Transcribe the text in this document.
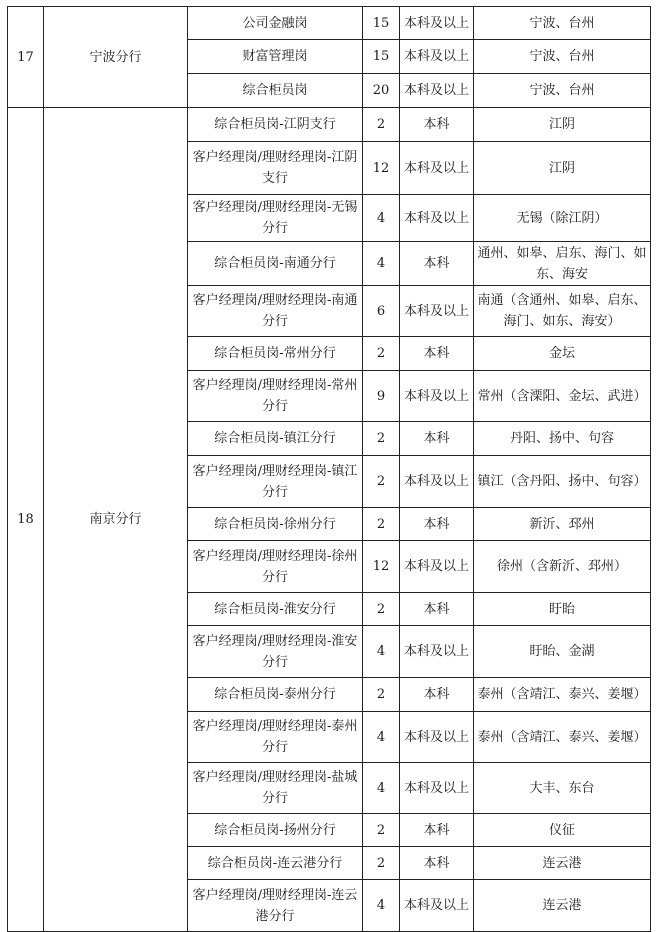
17	宁波分行	公司金融岗	15	本科及以上	宁波、台州
		财富管理岗	15	本科及以上	宁波、台州
		综合柜员岗	20	本科及以上	宁波、台州
18	南京分行	综合柜员岗-江阴支行	2	本科	江阴
		客户经理岗/理财经理岗-江阴支行	12	本科及以上	江阴
		客户经理岗/理财经理岗-无锡分行	4	本科及以上	无锡（除江阴）
		综合柜员岗-南通分行	4	本科	通州、如皋、启东、海门、如东、海安
		客户经理岗/理财经理岗-南通分行	6	本科及以上	南通（含通州、如皋、启东、海门、如东、海安）
		综合柜员岗-常州分行	2	本科	金坛
		客户经理岗/理财经理岗-常州分行	9	本科及以上	常州（含溧阳、金坛、武进）
		综合柜员岗-镇江分行	2	本科	丹阳、扬中、句容
		客户经理岗/理财经理岗-镇江分行	2	本科及以上	镇江（含丹阳、扬中、句容）
		综合柜员岗-徐州分行	2	本科	新沂、邳州
		客户经理岗/理财经理岗-徐州分行	12	本科及以上	徐州（含新沂、邳州）
		综合柜员岗-淮安分行	2	本科	盱眙
		客户经理岗/理财经理岗-淮安分行	4	本科及以上	盱眙、金湖
		综合柜员岗-泰州分行	2	本科	泰州（含靖江、泰兴、姜堰）
		客户经理岗/理财经理岗-泰州分行	4	本科及以上	泰州（含靖江、泰兴、姜堰）
		客户经理岗/理财经理岗-盐城分行	4	本科及以上	大丰、东台
		综合柜员岗-扬州分行	2	本科	仪征
		综合柜员岗-连云港分行	2	本科	连云港
		客户经理岗/理财经理岗-连云港分行	4	本科及以上	连云港
